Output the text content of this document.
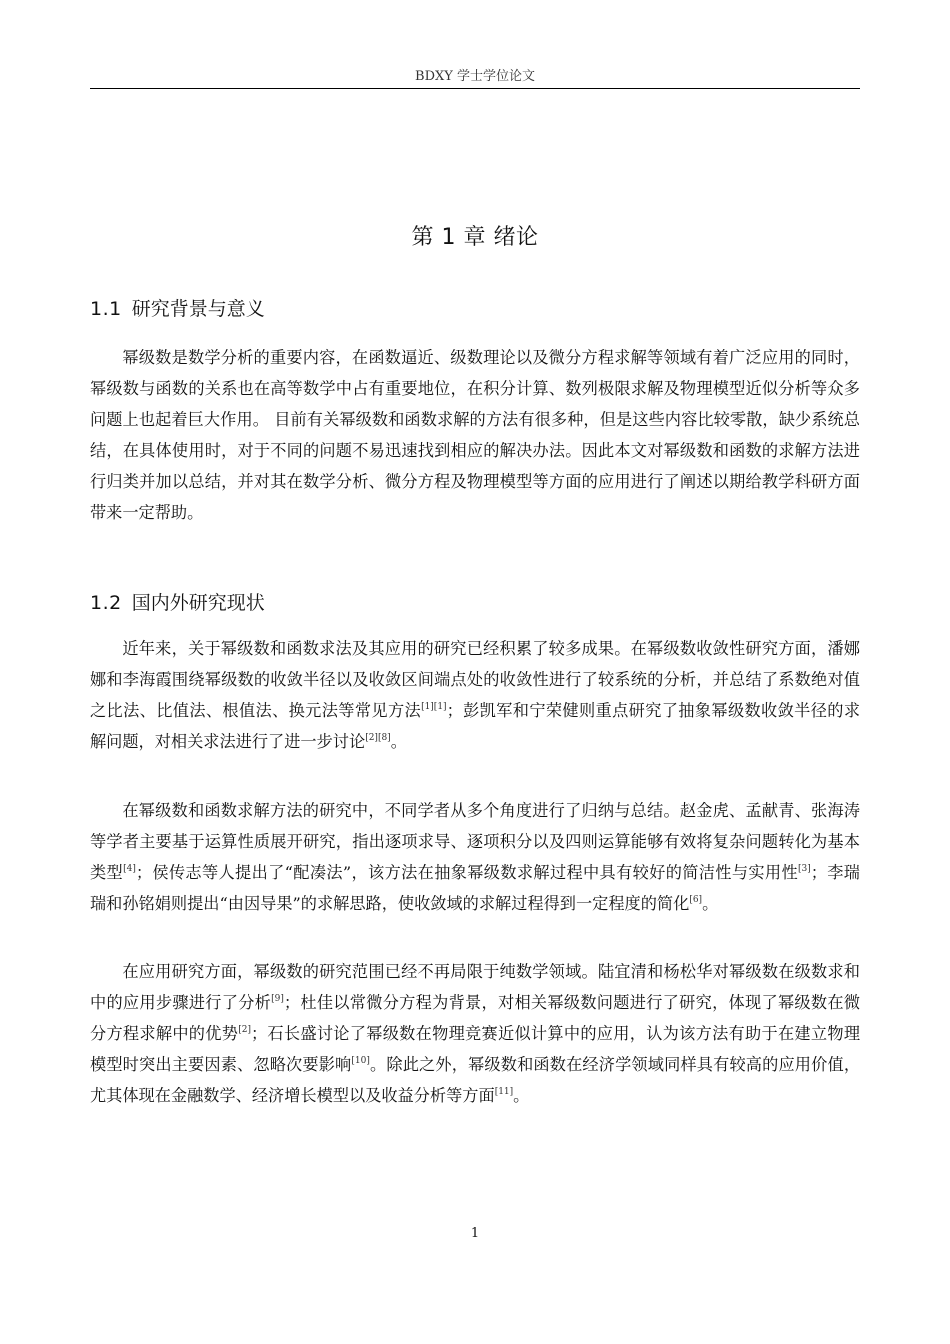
BDXY 学士学位论文
第 1 章 绪论
1.1 研究背景与意义

幂级数是数学分析的重要内容，在函数逼近、级数理论以及微分方程求解等领域有着广泛应用的同时，幂级数与函数的关系也在高等数学中占有重要地位，在积分计算、数列极限求解及物理模型近似分析等众多问题上也起着巨大作用。 目前有关幂级数和函数求解的方法有很多种，但是这些内容比较零散，缺少系统总结，在具体使用时，对于不同的问题不易迅速找到相应的解决办法。因此本文对幂级数和函数的求解方法进行归类并加以总结，并对其在数学分析、微分方程及物理模型等方面的应用进行了阐述以期给教学科研方面带来一定帮助。

1.2 国内外研究现状

近年来，关于幂级数和函数求法及其应用的研究已经积累了较多成果。在幂级数收敛性研究方面，潘娜娜和李海霞围绕幂级数的收敛半径以及收敛区间端点处的收敛性进行了较系统的分析，并总结了系数绝对值之比法、比值法、根值法、换元法等常见方法[1][1]；彭凯军和宁荣健则重点研究了抽象幂级数收敛半径的求解问题，对相关求法进行了进一步讨论[2][8]。

在幂级数和函数求解方法的研究中，不同学者从多个角度进行了归纳与总结。赵金虎、孟献青、张海涛等学者主要基于运算性质展开研究，指出逐项求导、逐项积分以及四则运算能够有效将复杂问题转化为基本类型[4]；侯传志等人提出了“配凑法”，该方法在抽象幂级数求解过程中具有较好的简洁性与实用性[3]；李瑞瑞和孙铭娟则提出“由因导果”的求解思路，使收敛域的求解过程得到一定程度的简化[6]。

在应用研究方面，幂级数的研究范围已经不再局限于纯数学领域。陆宜清和杨松华对幂级数在级数求和中的应用步骤进行了分析[9]；杜佳以常微分方程为背景，对相关幂级数问题进行了研究，体现了幂级数在微分方程求解中的优势[2]；石长盛讨论了幂级数在物理竞赛近似计算中的应用，认为该方法有助于在建立物理模型时突出主要因素、忽略次要影响[10]。除此之外，幂级数和函数在经济学领域同样具有较高的应用价值，尤其体现在金融数学、经济增长模型以及收益分析等方面[11]。

1
